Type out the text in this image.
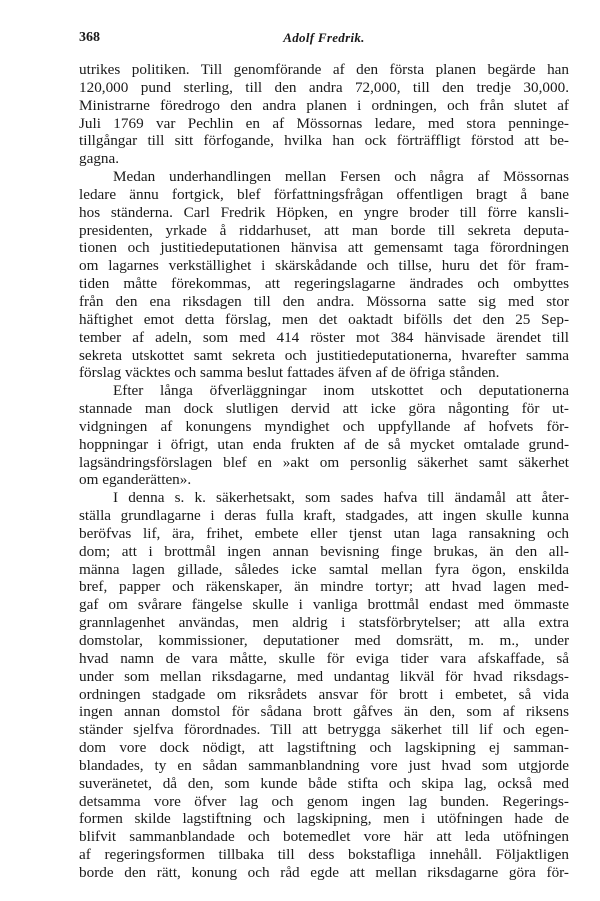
368	Adolf Fredrik.
utrikes politiken. Till genomförande af den första planen begärde han
120,000 pund sterling, till den andra 72,000, till den tredje 30,000.
Ministrarne föredrogo den andra planen i ordningen, och från slutet af
Juli 1769 var Pechlin en af Mössornas ledare, med stora penninge-
tillgångar till sitt förfogande, hvilka han ock förträffligt förstod att be-
gagna.
Medan underhandlingen mellan Fersen och några af Mössornas
ledare ännu fortgick, blef författningsfrågan offentligen bragt å bane
hos ständerna. Carl Fredrik Höpken, en yngre broder till förre kansli-
presidenten, yrkade å riddarhuset, att man borde till sekreta deputa-
tionen och justitiedeputationen hänvisa att gemensamt taga förordningen
om lagarnes verkställighet i skärskådande och tillse, huru det för fram-
tiden måtte förekommas, att regeringslagarne ändrades och ombyttes
från den ena riksdagen till den andra. Mössorna satte sig med stor
häftighet emot detta förslag, men det oaktadt bifölls det den 25 Sep-
tember af adeln, som med 414 röster mot 384 hänvisade ärendet till
sekreta utskottet samt sekreta och justitiedeputationerna, hvarefter samma
förslag väcktes och samma beslut fattades äfven af de öfriga stånden.
Efter långa öfverläggningar inom utskottet och deputationerna
stannade man dock slutligen dervid att icke göra någonting för ut-
vidgningen af konungens myndighet och uppfyllande af hofvets för-
hoppningar i öfrigt, utan enda frukten af de så mycket omtalade grund-
lagsändringsförslagen blef en »akt om personlig säkerhet samt säkerhet
om eganderätten».
I denna s. k. säkerhetsakt, som sades hafva till ändamål att åter-
ställa grundlagarne i deras fulla kraft, stadgades, att ingen skulle kunna
beröfvas lif, ära, frihet, embete eller tjenst utan laga ransakning och
dom; att i brottmål ingen annan bevisning finge brukas, än den all-
männa lagen gillade, således icke samtal mellan fyra ögon, enskilda
bref, papper och räkenskaper, än mindre tortyr; att hvad lagen med-
gaf om svårare fängelse skulle i vanliga brottmål endast med ömmaste
grannlagenhet användas, men aldrig i statsförbrytelser; att alla extra
domstolar, kommissioner, deputationer med domsrätt, m. m., under
hvad namn de vara måtte, skulle för eviga tider vara afskaffade, så
under som mellan riksdagarne, med undantag likväl för hvad riksdags-
ordningen stadgade om riksrådets ansvar för brott i embetet, så vida
ingen annan domstol för sådana brott gåfves än den, som af riksens
ständer sjelfva förordnades. Till att betrygga säkerhet till lif och egen-
dom vore dock nödigt, att lagstiftning och lagskipning ej samman-
blandades, ty en sådan sammanblandning vore just hvad som utgjorde
suveränetet, då den, som kunde både stifta och skipa lag, också med
detsamma vore öfver lag och genom ingen lag bunden. Regerings-
formen skilde lagstiftning och lagskipning, men i utöfningen hade de
blifvit sammanblandade och botemedlet vore här att leda utöfningen
af regeringsformen tillbaka till dess bokstafliga innehåll. Följaktligen
borde den rätt, konung och råd egde att mellan riksdagarne göra för-
